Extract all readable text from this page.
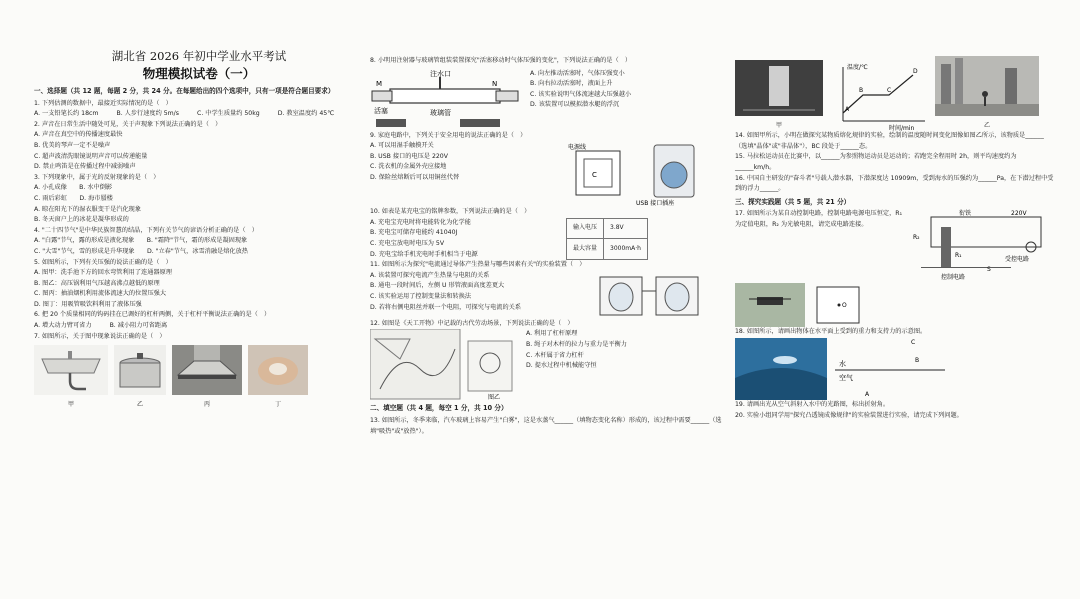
湖北省 2026 年初中学业水平考试
物理模拟试卷（一）
一、选择题（共 12 题，每题 2 分，共 24 分。在每题给出的四个选项中，只有一项是符合题目要求）

1. 下列估测的数据中，最接近实际情况的是（　）

A. 一支铅笔长约 18cm	B. 人步行速度约 5m/s	C. 中学生质量约 50kg	D. 教室温度约 45℃

2. 声音在日常生活中随处可见，关于声现象下列说法正确的是（　）

A. 声音在真空中的传播速度最快

B. 优美的琴声一定不是噪声

C. 超声波清洗眼镜说明声音可以传递能量

D. 禁止鸣笛是在传播过程中减弱噪声

3. 下列现象中，属于光的反射现象的是（　）

A. 小孔成像　　B. 水中倒影

C. 雨后彩虹　　D. 海市蜃楼

A. 晾在阳光下的湿衣服变干是汽化现象

B. 冬天窗户上的冰花是凝华形成的

4. "二十四节气"是中华民族智慧的结晶，下列有关节气的谚语分析正确的是（　）

A. "白露"节气，露的形成是液化现象　　B. "霜降"节气，霜的形成是凝固现象

C. "大雪"节气，雪的形成是升华现象　　D. "立春"节气，冰雪消融是熔化放热

5. 如图所示，下列有关压强的说法正确的是（　）

A. 图甲：洗手池下方的回水弯管利用了连通器原理

B. 图乙：高压锅利用气压越高沸点越低的原理

C. 图丙：抽油烟机利用流体流速大的位置压强大

D. 图丁：用吸管吸饮料利用了液体压强

6. 把 20 个质量相同的钩码挂在已调好的杠杆两侧，关于杠杆平衡说法正确的是（　）

A. 增大动力臂可省力	B. 减小阻力可省距离

7. 如图所示，关于图中现象说法正确的是（　）

甲	乙	丙	丁

8. 小明用注射器与玻璃管组装装置探究"活塞移动时气体压强的变化"，下列说法正确的是（　）

M
注水口
N
活塞	玻璃管

A. 向左推动活塞时，气体压强变小

B. 向右拉动活塞时，液面上升

C. 该实验说明气体流速越大压强越小

D. 该装置可以模拟潜水艇的浮沉

9. 家庭电路中，下列关于安全用电的说法正确的是（　）

A. 可以用湿手触摸开关

B. USB 接口的电压是 220V

C. 洗衣机的金属外壳应接地

D. 保险丝熔断后可以用铜丝代替

电源线
C
USB 接口插座

10. 如表是某充电宝的铭牌参数，下列说法正确的是（　）

A. 充电宝充电时将电能转化为化学能

B. 充电宝可储存电能约 41040J

C. 充电宝放电时电压为 5V

D. 充电宝给手机充电时手机相当于电源

输入电压	3.8V
最大容量	3000mA·h

11. 如图所示为探究"电流通过导体产生热量与哪些因素有关"的实验装置（　）

A. 该装置可探究电流产生热量与电阻的关系

B. 通电一段时间后，左侧 U 形管液面高度差更大

C. 该实验运用了控制变量法和转换法

D. 若将右侧电阻丝并联一个电阻，可探究与电流的关系

12. 如图是《天工开物》中记载的古代劳动场景，下列说法正确的是（　）

图乙

A. 利用了杠杆原理

B. 绳子对木杆的拉力与重力是平衡力

C. 木杆属于省力杠杆

D. 提水过程中机械能守恒

二、填空题（共 4 题，每空 1 分，共 10 分）

13. 如图所示，冬季来临，汽车玻璃上容易产生"白雾"，这是水蒸气______（填物态变化名称）形成的，该过程中需要______（选填"吸热"或"放热"）。

甲
温度/℃
时间/min
A
B	C
D
乙

14. 如图甲所示，小明在做探究某物质熔化规律的实验，绘制的温度随时间变化图像如图乙所示，该物质是______（选填"晶体"或"非晶体"），BC 段处于______态。

15. 马拉松运动员在比赛中，以______为参照物运动员是运动的；若跑完全程用时 2h，则平均速度约为______km/h。

16. 中国自主研发的"奋斗者"号载人潜水器，下潜深度达 10909m，受到海水的压强约为______Pa，在下潜过程中受到的浮力______。

三、探究实践题（共 5 题，共 21 分）

17. 如图所示为某自动控制电路，控制电路电源电压恒定，R₁ 为定值电阻，R₂ 为光敏电阻，请完成电路连接。

衔铁	220V
R₂
R₁
控制电路
受控电路
S
O

18. 如图所示，请画出物体在水平面上受到的重力和支持力的示意图。

水
空气
A
B
C

19. 请画出光从空气斜射入水中的光路图，标出折射角。

20. 实验小组同学用"探究凸透镜成像规律"的实验装置进行实验，请完成下列问题。
